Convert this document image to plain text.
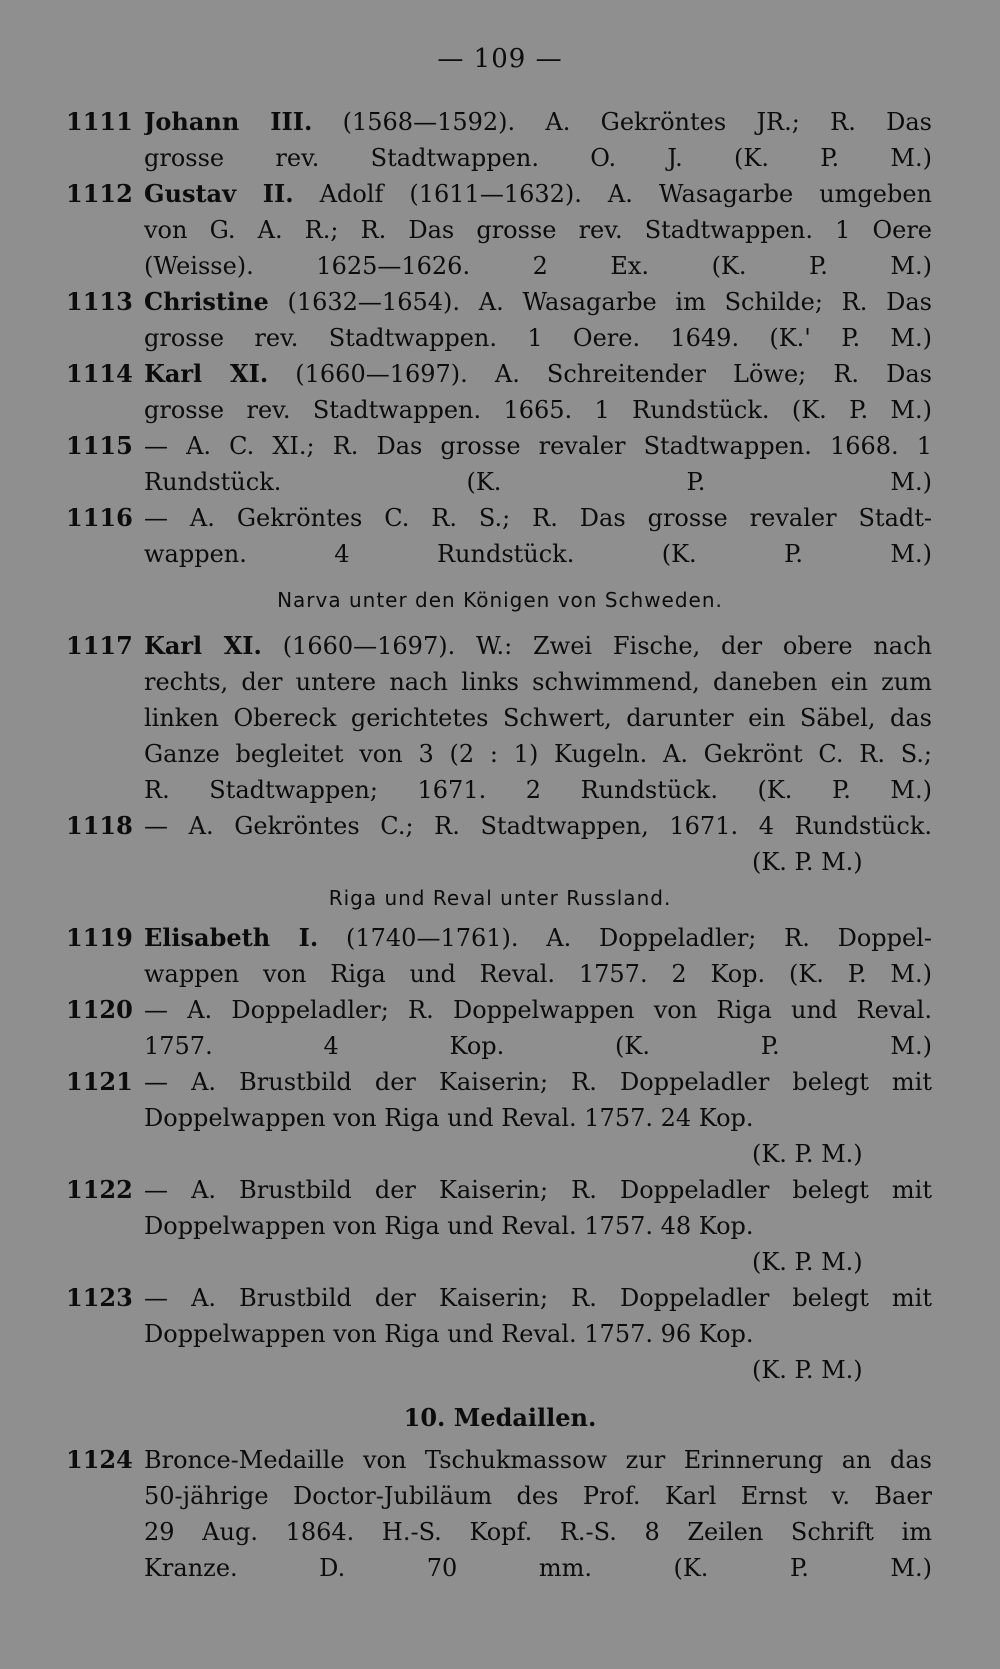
— 109 —
1111 Johann III. (1568—1592). A. Gekröntes JR.; R. Das
grosse rev. Stadtwappen. O. J. (K. P. M.)
1112 Gustav II. Adolf (1611—1632). A. Wasagarbe umgeben
von G. A. R.; R. Das grosse rev. Stadtwappen. 1 Oere
(Weisse). 1625—1626. 2 Ex. (K. P. M.)
1113 Christine (1632—1654). A. Wasagarbe im Schilde; R. Das
grosse rev. Stadtwappen. 1 Oere. 1649. (K.' P. M.)
1114 Karl XI. (1660—1697). A. Schreitender Löwe; R. Das
grosse rev. Stadtwappen. 1665. 1 Rundstück. (K. P. M.)
1115 — A. C. XI.; R. Das grosse revaler Stadtwappen. 1668. 1
Rundstück. (K. P. M.)
1116 — A. Gekröntes C. R. S.; R. Das grosse revaler Stadt-
wappen. 4 Rundstück. (K. P. M.)
Narva unter den Königen von Schweden.
1117 Karl XI. (1660—1697). W.: Zwei Fische, der obere nach
rechts, der untere nach links schwimmend, daneben ein zum
linken Obereck gerichtetes Schwert, darunter ein Säbel, das
Ganze begleitet von 3 (2 : 1) Kugeln. A. Gekrönt C. R. S.;
R. Stadtwappen; 1671. 2 Rundstück. (K. P. M.)
1118 — A. Gekröntes C.; R. Stadtwappen, 1671. 4 Rundstück.
(K. P. M.)
Riga und Reval unter Russland.
1119 Elisabeth I. (1740—1761). A. Doppeladler; R. Doppel-
wappen von Riga und Reval. 1757. 2 Kop. (K. P. M.)
1120 — A. Doppeladler; R. Doppelwappen von Riga und Reval.
1757. 4 Kop. (K. P. M.)
1121 — A. Brustbild der Kaiserin; R. Doppeladler belegt mit
Doppelwappen von Riga und Reval. 1757. 24 Kop.
(K. P. M.)
1122 — A. Brustbild der Kaiserin; R. Doppeladler belegt mit
Doppelwappen von Riga und Reval. 1757. 48 Kop.
(K. P. M.)
1123 — A. Brustbild der Kaiserin; R. Doppeladler belegt mit
Doppelwappen von Riga und Reval. 1757. 96 Kop.
(K. P. M.)
10. Medaillen.
1124 Bronce-Medaille von Tschukmassow zur Erinnerung an das
50-jährige Doctor-Jubiläum des Prof. Karl Ernst v. Baer
29 Aug. 1864. H.-S. Kopf. R.-S. 8 Zeilen Schrift im
Kranze. D. 70 mm. (K. P. M.)
